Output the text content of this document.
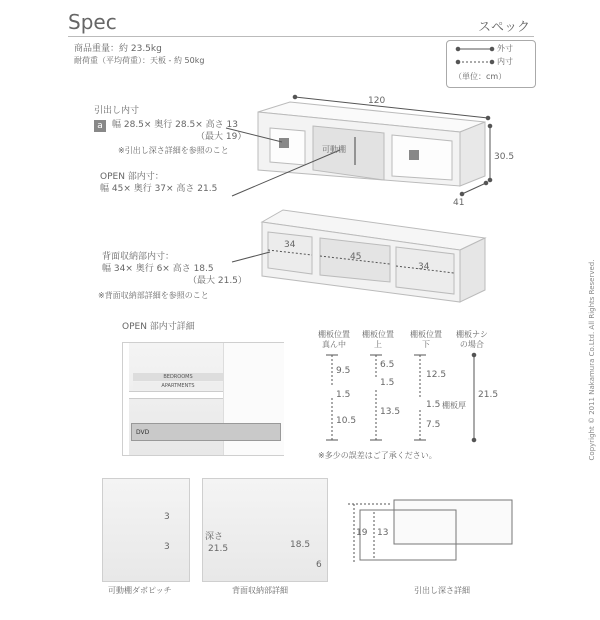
Spec	スペック
商品重量：約 23.5kg
耐荷重（平均荷重）：天板 - 約 50kg
外寸
内寸
（単位：cm）
120
30.5
41
引出し内寸
a	幅 28.5× 奥行 28.5× 高さ 13
（最大 19）
※引出し深さ詳細を参照のこと	可動棚
OPEN 部内寸：
幅 45× 奥行 37× 高さ 21.5
背面収納部内寸：
幅 34× 奥行 6× 高さ 18.5
（最大 21.5）
※背面収納部詳細を参照のこと
34
45
34
OPEN 部内寸詳細
BEDROOMS
APARTMENTS
DVD
棚板位置
真ん中
棚板位置
上
棚板位置
下
棚板ナシ
の場合
9.5
1.5
10.5
6.5
1.5
13.5
12.5
1.5 棚板厚
7.5
21.5
※多少の誤差はご了承ください。
3
3
可動棚ダボピッチ
深さ
21.5	18.5
6
背面収納部詳細
19 13
引出し深さ詳細
Copyright © 2011 Nakamura Co.Ltd. All Rights Reserved.
